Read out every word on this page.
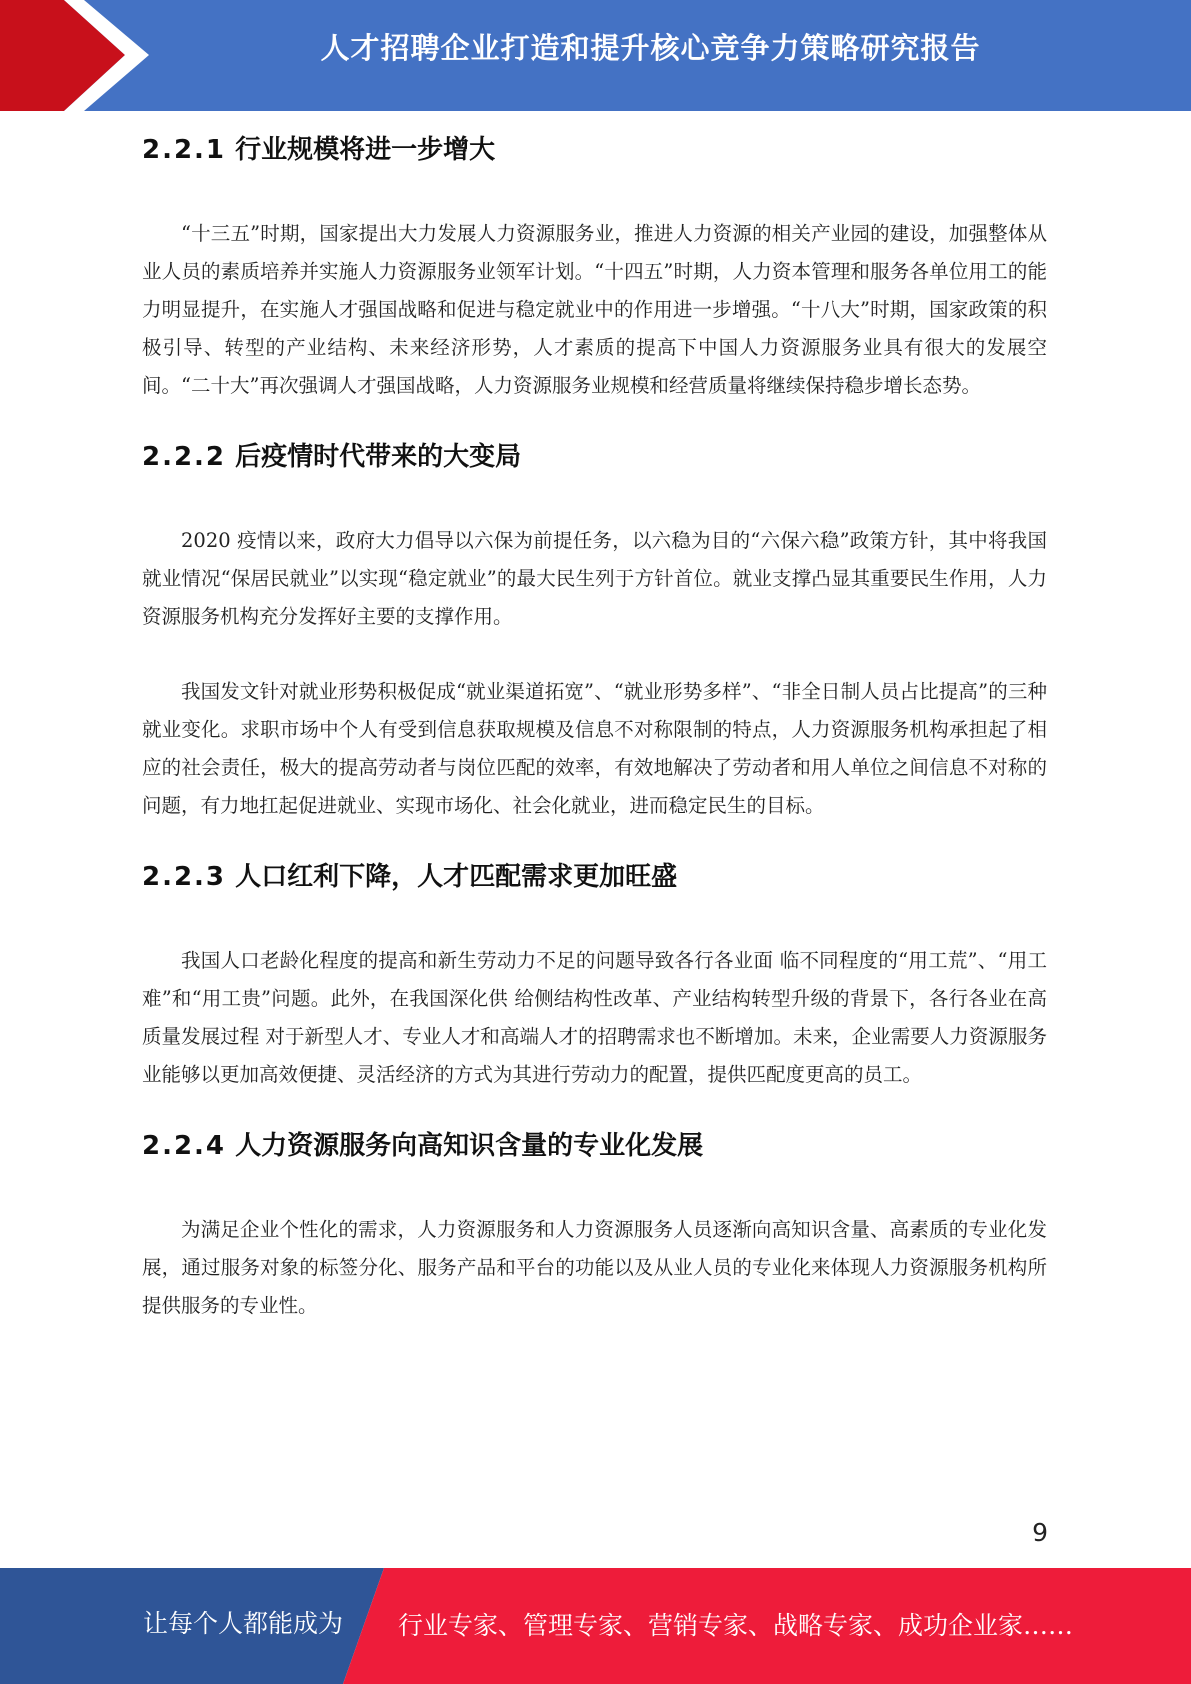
人才招聘企业打造和提升核心竞争力策略研究报告
2.2.1 行业规模将进一步增大

“十三五”时期，国家提出大力发展人力资源服务业，推进人力资源的相关产业园的建设，加强整体从业人员的素质培养并实施人力资源服务业领军计划。“十四五”时期，人力资本管理和服务各单位用工的能力明显提升，在实施人才强国战略和促进与稳定就业中的作用进一步增强。“十八大”时期，国家政策的积极引导、转型的产业结构、未来经济形势，人才素质的提高下中国人力资源服务业具有很大的发展空间。“二十大”再次强调人才强国战略，人力资源服务业规模和经营质量将继续保持稳步增长态势。

2.2.2 后疫情时代带来的大变局

2020 疫情以来，政府大力倡导以六保为前提任务，以六稳为目的“六保六稳”政策方针，其中将我国就业情况“保居民就业”以实现“稳定就业”的最大民生列于方针首位。就业支撑凸显其重要民生作用，人力资源服务机构充分发挥好主要的支撑作用。

我国发文针对就业形势积极促成“就业渠道拓宽”、“就业形势多样”、“非全日制人员占比提高”的三种就业变化。求职市场中个人有受到信息获取规模及信息不对称限制的特点，人力资源服务机构承担起了相应的社会责任，极大的提高劳动者与岗位匹配的效率，有效地解决了劳动者和用人单位之间信息不对称的问题，有力地扛起促进就业、实现市场化、社会化就业，进而稳定民生的目标。

2.2.3 人口红利下降，人才匹配需求更加旺盛

我国人口老龄化程度的提高和新生劳动力不足的问题导致各行各业面 临不同程度的“用工荒”、“用工难”和“用工贵”问题。此外，在我国深化供 给侧结构性改革、产业结构转型升级的背景下，各行各业在高质量发展过程 对于新型人才、专业人才和高端人才的招聘需求也不断增加。未来，企业需要人力资源服务业能够以更加高效便捷、灵活经济的方式为其进行劳动力的配置，提供匹配度更高的员工。

2.2.4 人力资源服务向高知识含量的专业化发展

为满足企业个性化的需求，人力资源服务和人力资源服务人员逐渐向高知识含量、高素质的专业化发展，通过服务对象的标签分化、服务产品和平台的功能以及从业人员的专业化来体现人力资源服务机构所提供服务的专业性。

9
让每个人都能成为 行业专家、管理专家、营销专家、战略专家、成功企业家……
